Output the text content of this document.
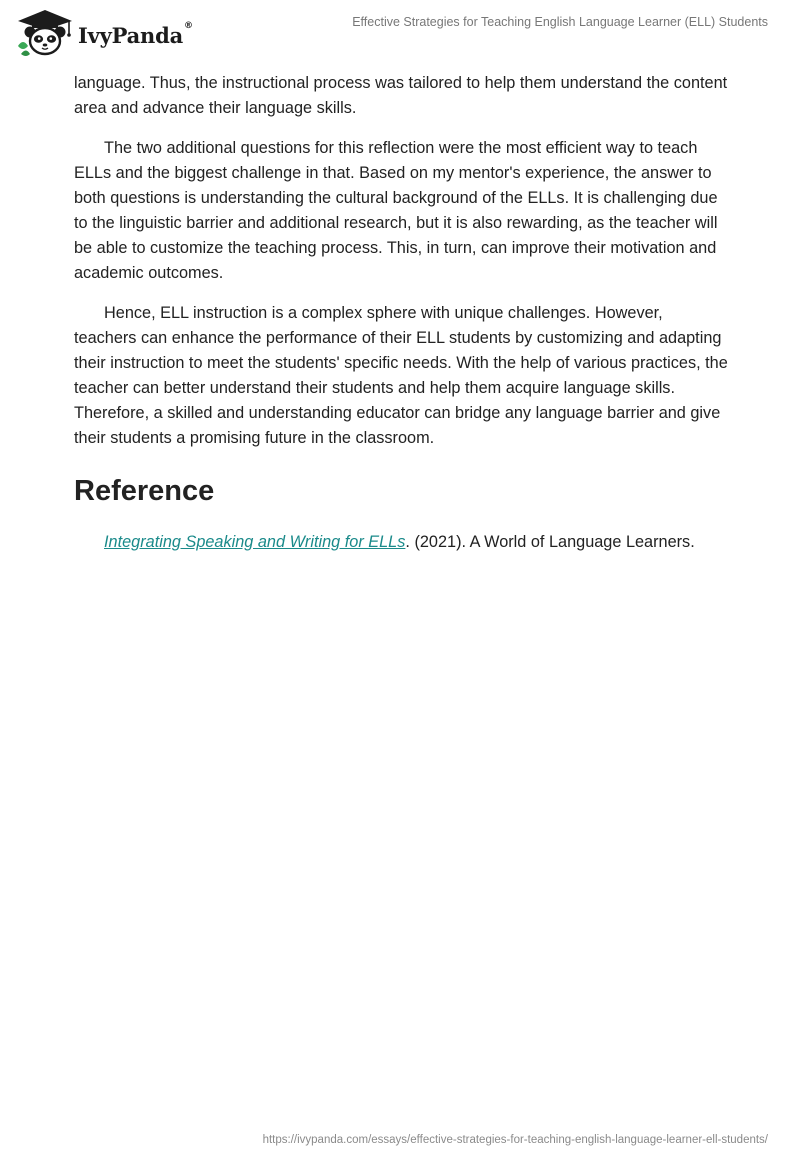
IvyPanda ®	Effective Strategies for Teaching English Language Learner (ELL) Students

language. Thus, the instructional process was tailored to help them understand the content area and advance their language skills.

The two additional questions for this reflection were the most efficient way to teach ELLs and the biggest challenge in that. Based on my mentor's experience, the answer to both questions is understanding the cultural background of the ELLs. It is challenging due to the linguistic barrier and additional research, but it is also rewarding, as the teacher will be able to customize the teaching process. This, in turn, can improve their motivation and academic outcomes.

Hence, ELL instruction is a complex sphere with unique challenges. However, teachers can enhance the performance of their ELL students by customizing and adapting their instruction to meet the students' specific needs. With the help of various practices, the teacher can better understand their students and help them acquire language skills. Therefore, a skilled and understanding educator can bridge any language barrier and give their students a promising future in the classroom.

Reference
Integrating Speaking and Writing for ELLs. (2021). A World of Language Learners.
https://ivypanda.com/essays/effective-strategies-for-teaching-english-language-learner-ell-students/
